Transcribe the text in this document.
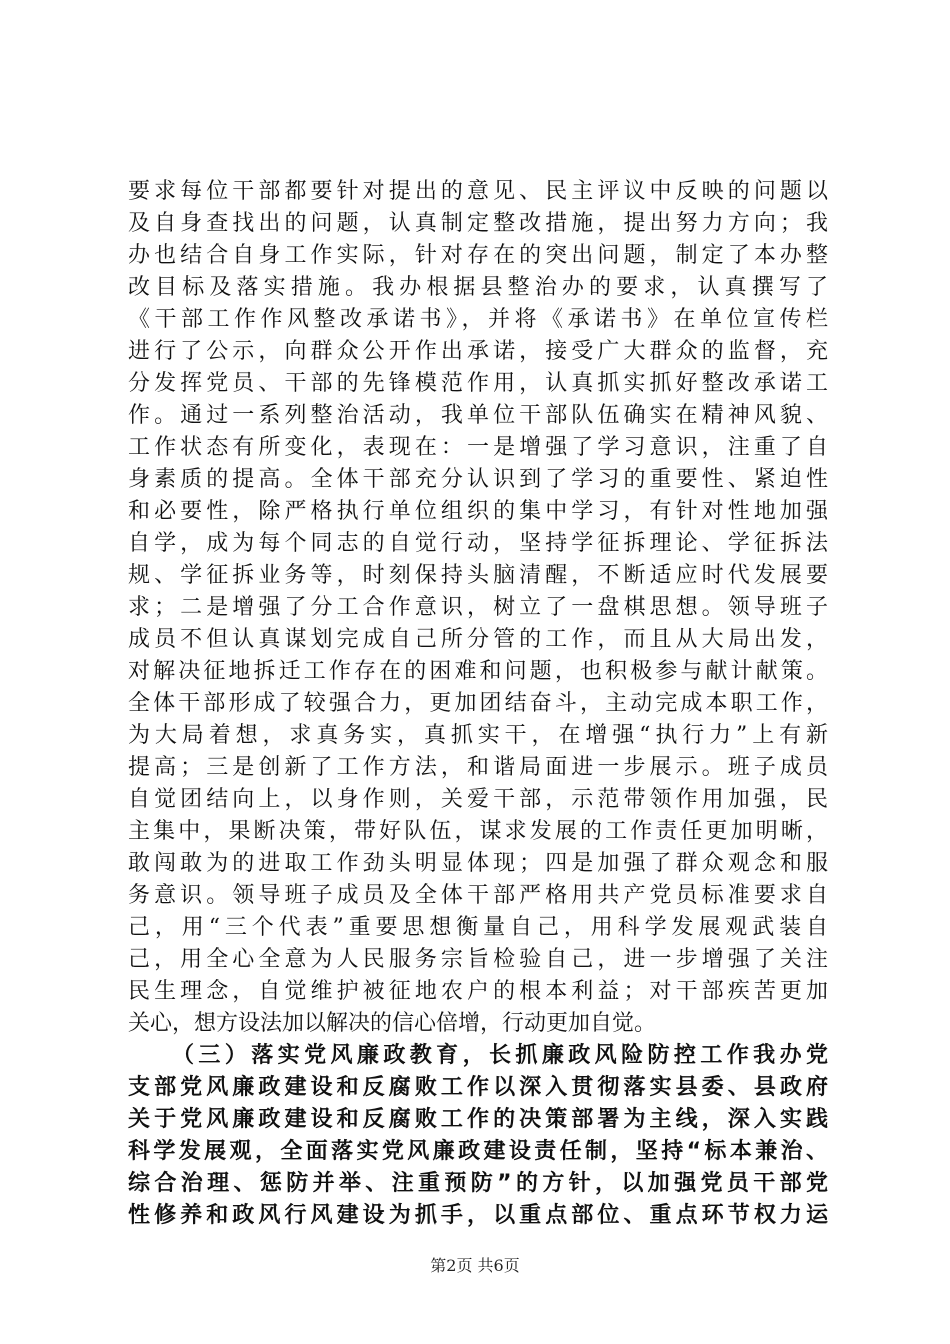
要求每位干部都要针对提出的意见、民主评议中反映的问题以
及自身查找出的问题，认真制定整改措施，提出努力方向；我
办也结合自身工作实际，针对存在的突出问题，制定了本办整
改目标及落实措施。我办根据县整治办的要求，认真撰写了
《干部工作作风整改承诺书》，并将《承诺书》在单位宣传栏
进行了公示，向群众公开作出承诺，接受广大群众的监督，充
分发挥党员、干部的先锋模范作用，认真抓实抓好整改承诺工
作。通过一系列整治活动，我单位干部队伍确实在精神风貌、
工作状态有所变化，表现在：一是增强了学习意识，注重了自
身素质的提高。全体干部充分认识到了学习的重要性、紧迫性
和必要性，除严格执行单位组织的集中学习，有针对性地加强
自学，成为每个同志的自觉行动，坚持学征拆理论、学征拆法
规、学征拆业务等，时刻保持头脑清醒，不断适应时代发展要
求；二是增强了分工合作意识，树立了一盘棋思想。领导班子
成员不但认真谋划完成自己所分管的工作，而且从大局出发，
对解决征地拆迁工作存在的困难和问题，也积极参与献计献策。
全体干部形成了较强合力，更加团结奋斗，主动完成本职工作，
为大局着想，求真务实，真抓实干，在增强“执行力”上有新
提高；三是创新了工作方法，和谐局面进一步展示。班子成员
自觉团结向上，以身作则，关爱干部，示范带领作用加强，民
主集中，果断决策，带好队伍，谋求发展的工作责任更加明晰，
敢闯敢为的进取工作劲头明显体现；四是加强了群众观念和服
务意识。领导班子成员及全体干部严格用共产党员标准要求自
己，用“三个代表”重要思想衡量自己，用科学发展观武装自
己，用全心全意为人民服务宗旨检验自己，进一步增强了关注
民生理念，自觉维护被征地农户的根本利益；对干部疾苦更加
关心，想方设法加以解决的信心倍增，行动更加自觉。
（三）落实党风廉政教育，长抓廉政风险防控工作我办党
支部党风廉政建设和反腐败工作以深入贯彻落实县委、县政府
关于党风廉政建设和反腐败工作的决策部署为主线，深入实践
科学发展观，全面落实党风廉政建设责任制，坚持“标本兼治、
综合治理、惩防并举、注重预防”的方针，以加强党员干部党
性修养和政风行风建设为抓手，以重点部位、重点环节权力运
第2页 共6页
